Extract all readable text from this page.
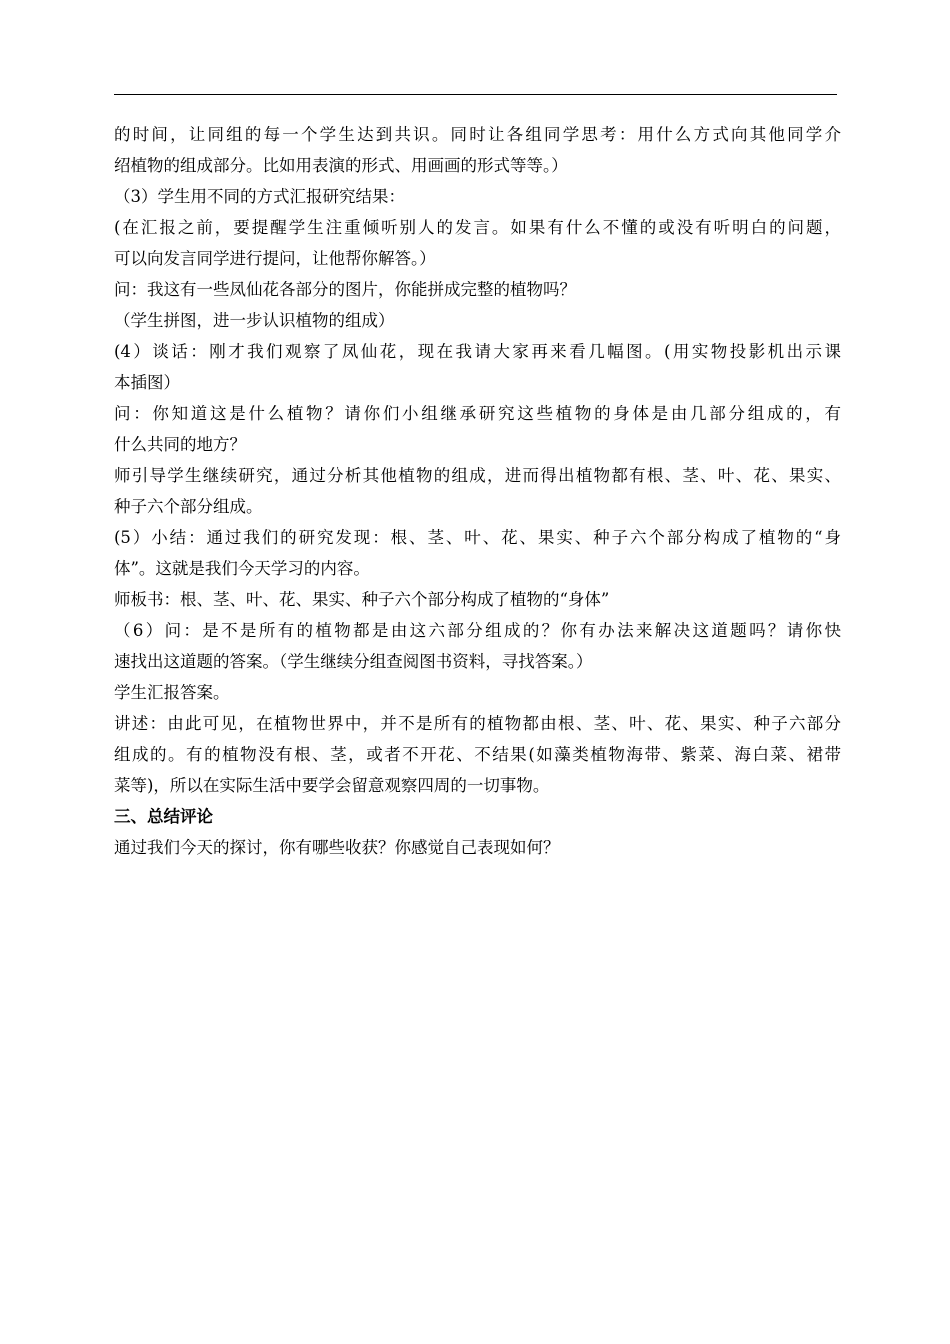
的时间，让同组的每一个学生达到共识。同时让各组同学思考：用什么方式向其他同学介
绍植物的组成部分。比如用表演的形式、用画画的形式等等。）
（3）学生用不同的方式汇报研究结果：
(在汇报之前，要提醒学生注重倾听别人的发言。如果有什么不懂的或没有听明白的问题，
可以向发言同学进行提问，让他帮你解答。）
问：我这有一些凤仙花各部分的图片，你能拼成完整的植物吗？
（学生拼图，进一步认识植物的组成）
(4）谈话：刚才我们观察了凤仙花，现在我请大家再来看几幅图。(用实物投影机出示课
本插图）
问：你知道这是什么植物？请你们小组继承研究这些植物的身体是由几部分组成的，有
什么共同的地方？
师引导学生继续研究，通过分析其他植物的组成，进而得出植物都有根、茎、叶、花、果实、
种子六个部分组成。
(5）小结：通过我们的研究发现：根、茎、叶、花、果实、种子六个部分构成了植物的“身
体”。这就是我们今天学习的内容。
师板书：根、茎、叶、花、果实、种子六个部分构成了植物的“身体”
（6）问：是不是所有的植物都是由这六部分组成的？你有办法来解决这道题吗？请你快
速找出这道题的答案。（学生继续分组查阅图书资料，寻找答案。）
学生汇报答案。
讲述：由此可见，在植物世界中，并不是所有的植物都由根、茎、叶、花、果实、种子六部分
组成的。有的植物没有根、茎，或者不开花、不结果(如藻类植物海带、紫菜、海白菜、裙带
菜等)，所以在实际生活中要学会留意观察四周的一切事物。
三、总结评论
通过我们今天的探讨，你有哪些收获？你感觉自己表现如何？
